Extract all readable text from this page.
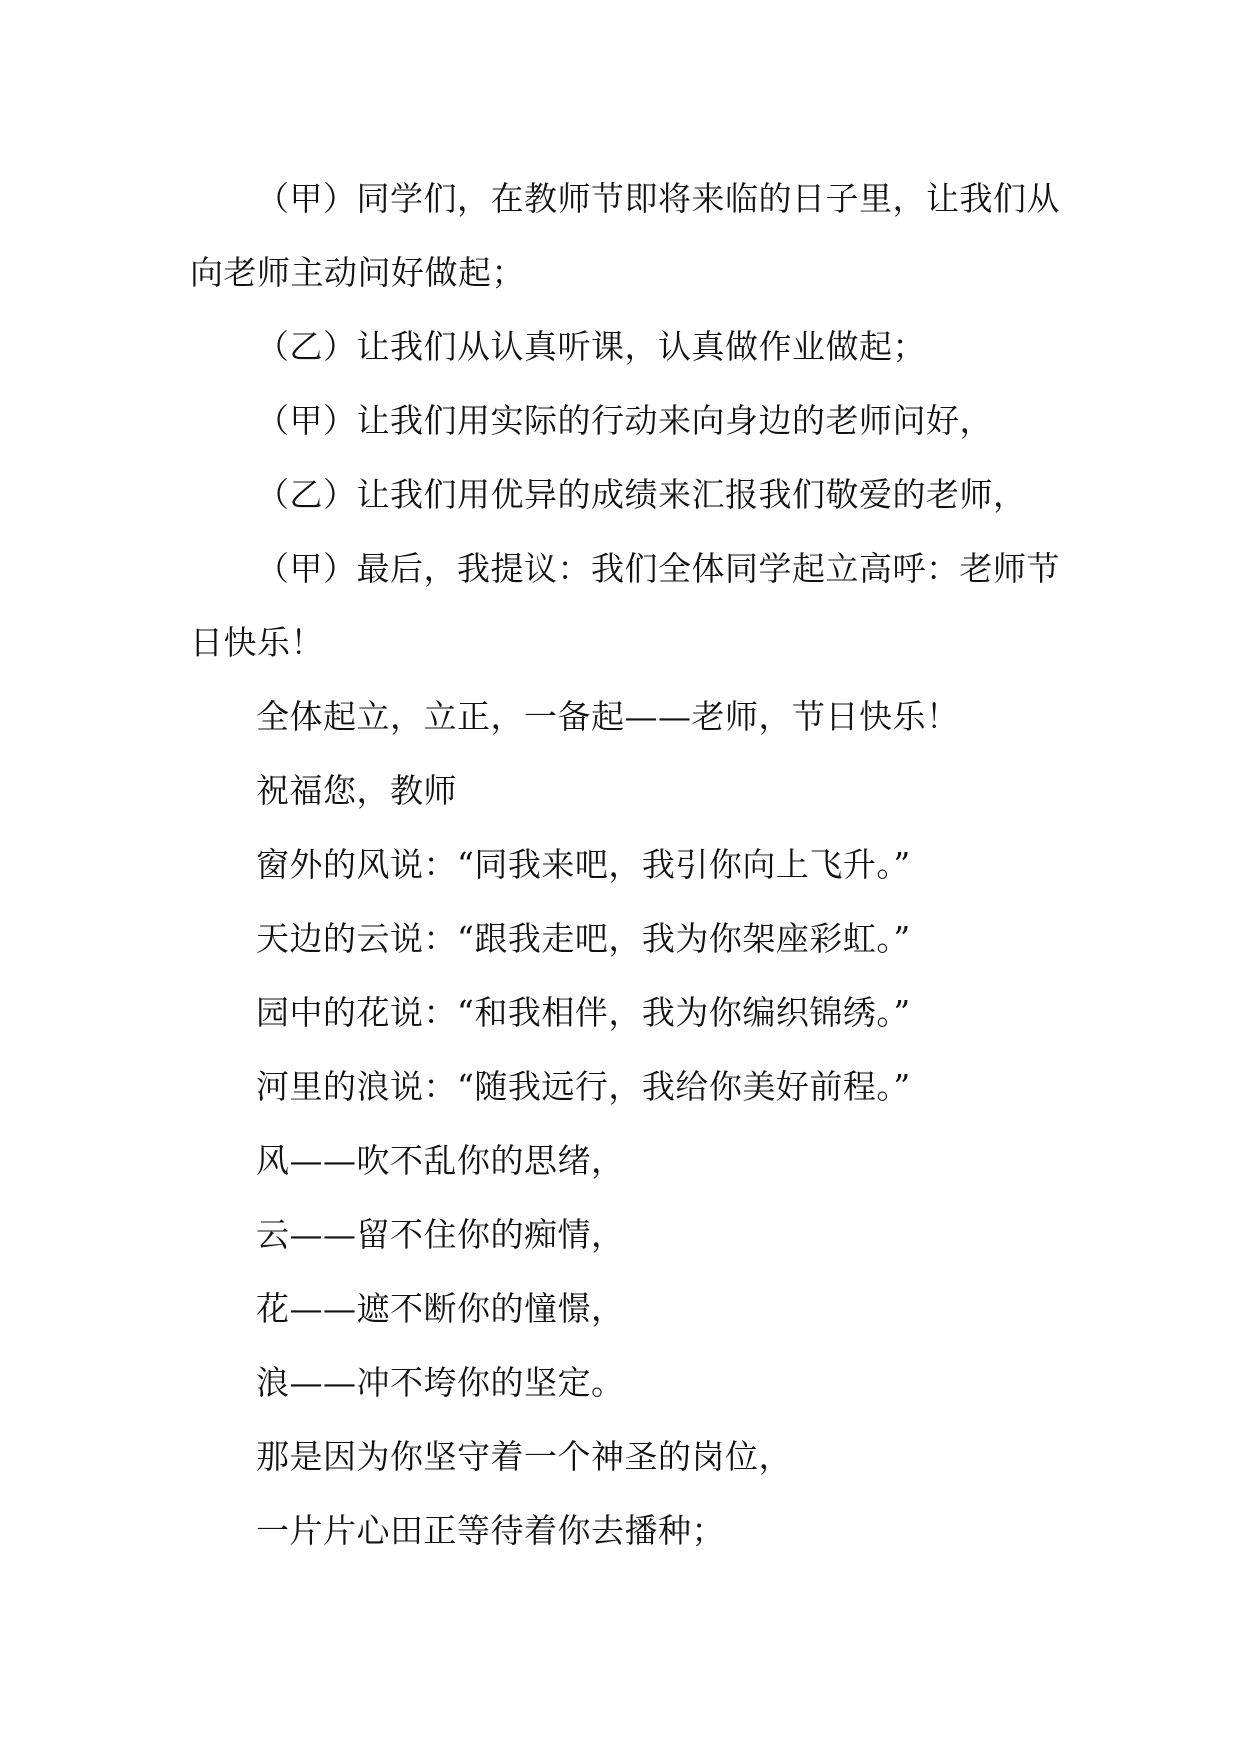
（甲）同学们，在教师节即将来临的日子里，让我们从向老师主动问好做起；

（乙）让我们从认真听课，认真做作业做起；

（甲）让我们用实际的行动来向身边的老师问好，

（乙）让我们用优异的成绩来汇报我们敬爱的老师，

（甲）最后，我提议：我们全体同学起立高呼：老师节日快乐！

全体起立，立正，一备起——老师，节日快乐！

祝福您，教师

窗外的风说：“同我来吧，我引你向上飞升。”

天边的云说：“跟我走吧，我为你架座彩虹。”

园中的花说：“和我相伴，我为你编织锦绣。”

河里的浪说：“随我远行，我给你美好前程。”

风——吹不乱你的思绪，

云——留不住你的痴情，

花——遮不断你的憧憬，

浪——冲不垮你的坚定。

那是因为你坚守着一个神圣的岗位，

一片片心田正等待着你去播种；
